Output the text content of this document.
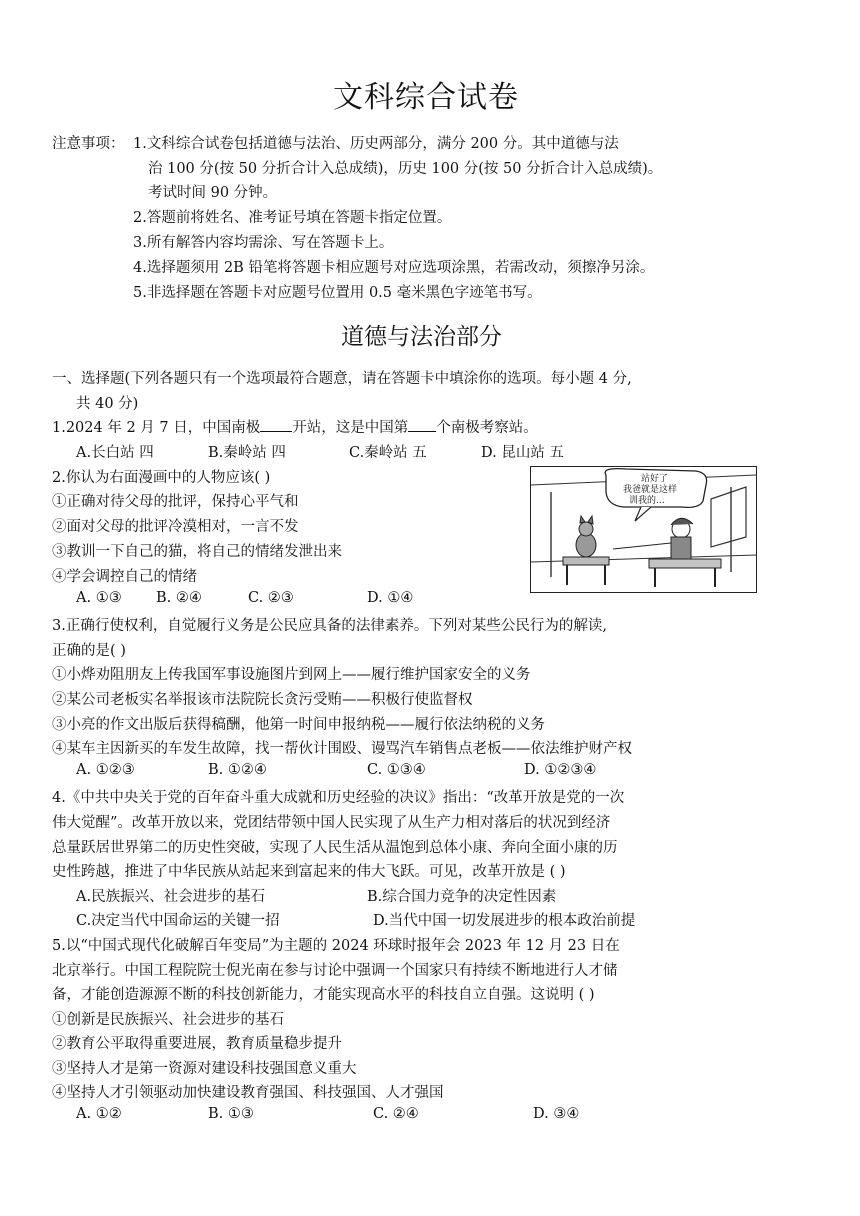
文科综合试卷
注意事项： 1.文科综合试卷包括道德与法治、历史两部分，满分 200 分。其中道德与法
治 100 分(按 50 分折合计入总成绩)，历史 100 分(按 50 分折合计入总成绩)。
考试时间 90 分钟。
2.答题前将姓名、准考证号填在答题卡指定位置。
3.所有解答内容均需涂、写在答题卡上。
4.选择题须用 2B 铅笔将答题卡相应题号对应选项涂黑，若需改动，须擦净另涂。
5.非选择题在答题卡对应题号位置用 0.5 毫米黑色字迹笔书写。
道德与法治部分
一、选择题(下列各题只有一个选项最符合题意，请在答题卡中填涂你的选项。每小题 4 分,
共 40 分)
1.2024 年 2 月 7 日，中国南极 开站，这是中国第 个南极考察站。
A.长白站 四	B.秦岭站 四	C.秦岭站 五	D. 昆山站 五
2.你认为右面漫画中的人物应该( )
①正确对待父母的批评，保持心平气和
②面对父母的批评冷漠相对，一言不发
③教训一下自己的猫，将自己的情绪发泄出来
④学会调控自己的情绪
A. ①③ B. ②④	C. ②③	D. ①④
站好了
我爸就是这样
训我的...
3.正确行使权利，自觉履行义务是公民应具备的法律素养。下列对某些公民行为的解读,
正确的是( )
①小烨劝阻朋友上传我国军事设施图片到网上——履行维护国家安全的义务
②某公司老板实名举报该市法院院长贪污受贿——积极行使监督权
③小亮的作文出版后获得稿酬，他第一时间申报纳税——履行依法纳税的义务
④某车主因新买的车发生故障，找一帮伙计围殴、谩骂汽车销售点老板——依法维护财产权
A. ①②③	B. ①②④	C. ①③④	D. ①②③④
4.《中共中央关于党的百年奋斗重大成就和历史经验的决议》指出：“改革开放是党的一次
伟大觉醒”。改革开放以来，党团结带领中国人民实现了从生产力相对落后的状况到经济
总量跃居世界第二的历史性突破，实现了人民生活从温饱到总体小康、奔向全面小康的历
史性跨越，推进了中华民族从站起来到富起来的伟大飞跃。可见，改革开放是 ( )
A.民族振兴、社会进步的基石	B.综合国力竞争的决定性因素
C.决定当代中国命运的关键一招	D.当代中国一切发展进步的根本政治前提
5.以“中国式现代化破解百年变局”为主题的 2024 环球时报年会 2023 年 12 月 23 日在
北京举行。中国工程院院士倪光南在参与讨论中强调一个国家只有持续不断地进行人才储
备，才能创造源源不断的科技创新能力，才能实现高水平的科技自立自强。这说明 ( )
①创新是民族振兴、社会进步的基石
②教育公平取得重要进展，教育质量稳步提升
③坚持人才是第一资源对建设科技强国意义重大
④坚持人才引领驱动加快建设教育强国、科技强国、人才强国
A. ①②	B. ①③	C. ②④	D. ③④
